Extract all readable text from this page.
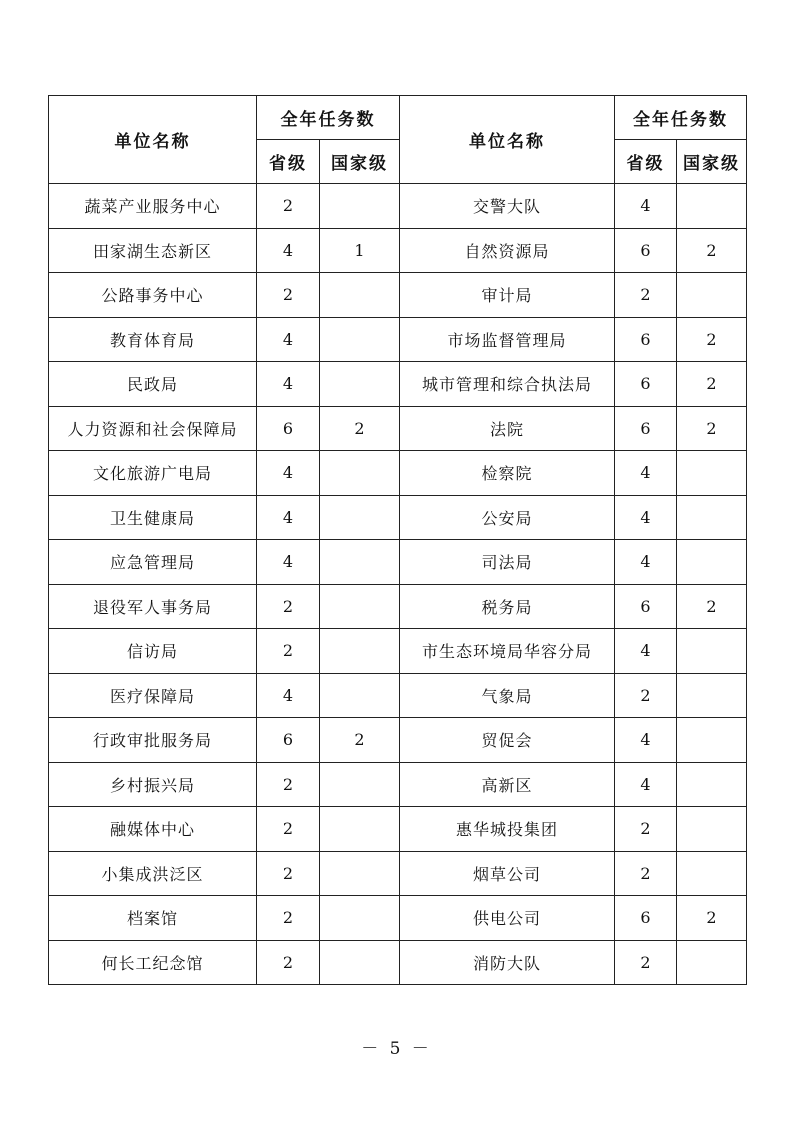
单位名称	全年任务数		单位名称	全年任务数	
	省级	国家级		省级	国家级
蔬菜产业服务中心	2		交警大队	4	
田家湖生态新区	4	1	自然资源局	6	2
公路事务中心	2		审计局	2	
教育体育局	4		市场监督管理局	6	2
民政局	4		城市管理和综合执法局	6	2
人力资源和社会保障局	6	2	法院	6	2
文化旅游广电局	4		检察院	4	
卫生健康局	4		公安局	4	
应急管理局	4		司法局	4	
退役军人事务局	2		税务局	6	2
信访局	2		市生态环境局华容分局	4	
医疗保障局	4		气象局	2	
行政审批服务局	6	2	贸促会	4	
乡村振兴局	2		高新区	4	
融媒体中心	2		惠华城投集团	2	
小集成洪泛区	2		烟草公司	2	
档案馆	2		供电公司	6	2
何长工纪念馆	2		消防大队	2	
－ 5 －
